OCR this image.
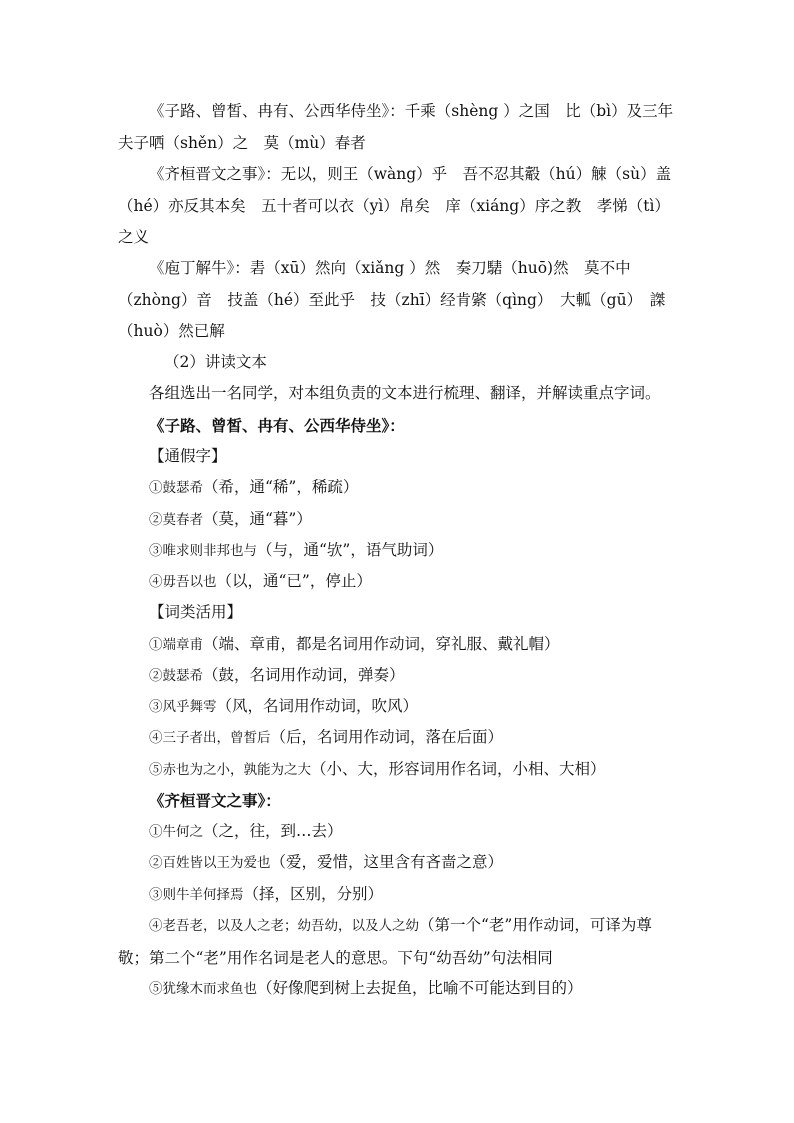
《子路、曾皙、冉有、公西华侍坐》：千乘（shèng ）之国　比（bì）及三年　夫子哂（shěn）之　莫（mù）春者

《齐桓晋文之事》：无以，则王（wàng）乎　吾不忍其觳（hú）觫（sù）盖（hé）亦反其本矣　五十者可以衣（yì）帛矣　庠（xiáng）序之教　孝悌（tì）之义

《庖丁解牛》：砉（xū）然向（xiǎng ）然　奏刀騞（huō)然　莫不中（zhòng）音　技盖（hé）至此乎　技（zhī）经肯綮（qìng）　大軱（gū）　謋（huò）然已解

（2）讲读文本

各组选出一名同学，对本组负责的文本进行梳理、翻译，并解读重点字词。

《子路、曾皙、冉有、公西华侍坐》：

【通假字】

①鼓瑟希（希，通“稀”，稀疏）

②莫春者（莫，通“暮”）

③唯求则非邦也与（与，通“欤”，语气助词）

④毋吾以也（以，通“已”，停止）

【词类活用】

①端章甫（端、章甫，都是名词用作动词，穿礼服、戴礼帽）

②鼓瑟希（鼓，名词用作动词，弹奏）

③风乎舞雩（风，名词用作动词，吹风）

④三子者出，曾皙后（后，名词用作动词，落在后面）

⑤赤也为之小，孰能为之大（小、大，形容词用作名词，小相、大相）

《齐桓晋文之事》：

①牛何之（之，往，到…去）

②百姓皆以王为爱也（爱，爱惜，这里含有吝啬之意）

③则牛羊何择焉（择，区别，分别）

④老吾老，以及人之老；幼吾幼，以及人之幼（第一个“老”用作动词，可译为尊敬；第二个“老”用作名词是老人的意思。下句“幼吾幼”句法相同

⑤犹缘木而求鱼也（好像爬到树上去捉鱼，比喻不可能达到目的）
